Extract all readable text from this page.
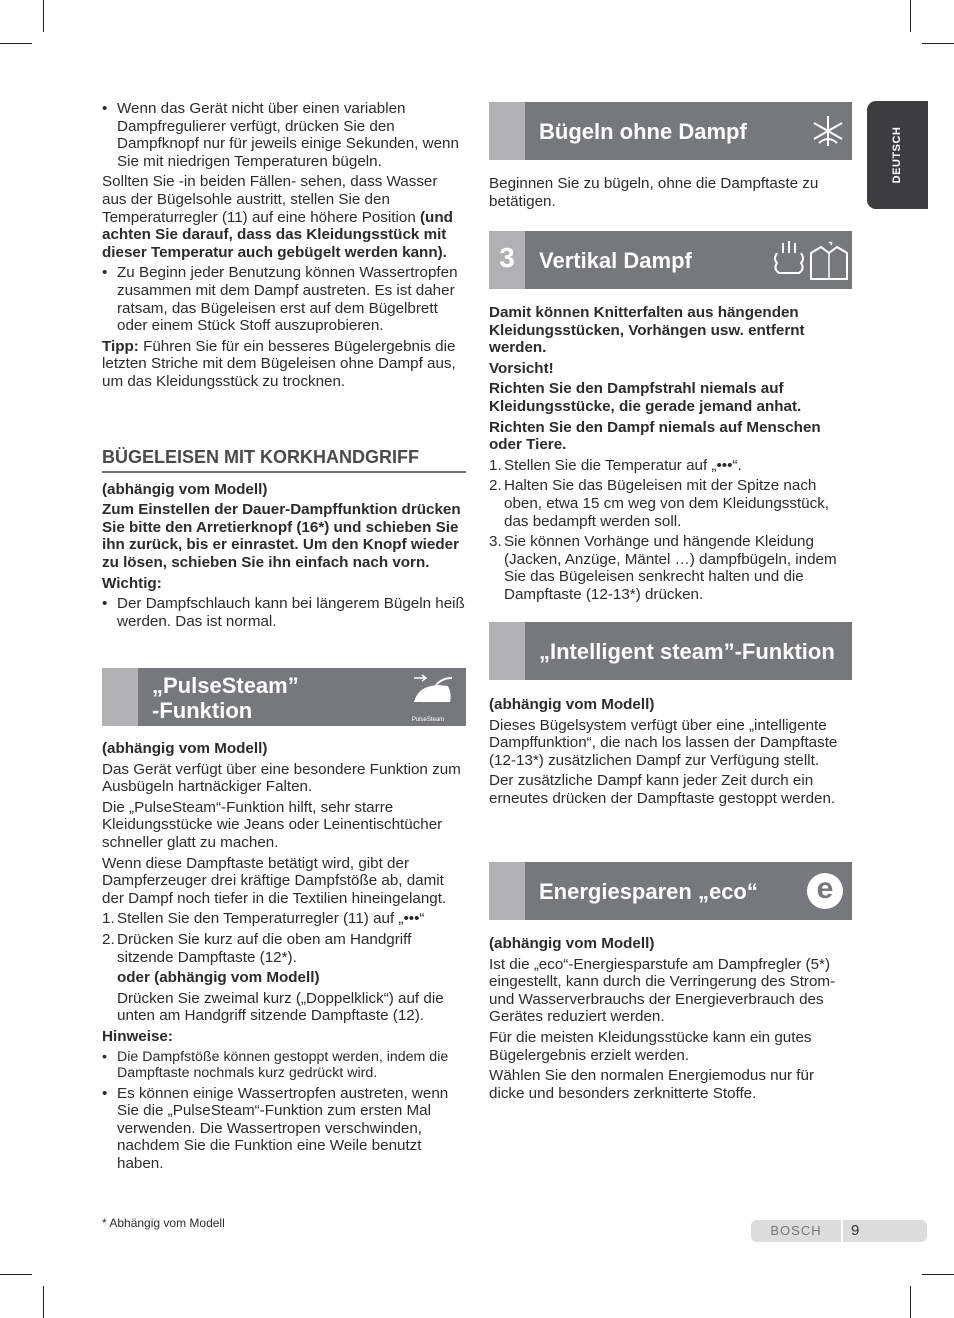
DEUTSCH
• Wenn das Gerät nicht über einen variablen Dampfregulierer verfügt, drücken Sie den Dampfknopf nur für jeweils einige Sekunden, wenn Sie mit niedrigen Temperaturen bügeln.

Sollten Sie -in beiden Fällen- sehen, dass Wasser aus der Bügelsohle austritt, stellen Sie den Temperaturregler (11) auf eine höhere Position (und achten Sie darauf, dass das Kleidungsstück mit dieser Temperatur auch gebügelt werden kann).

• Zu Beginn jeder Benutzung können Wassertropfen zusammen mit dem Dampf austreten. Es ist daher ratsam, das Bügeleisen erst auf dem Bügelbrett oder einem Stück Stoff auszuprobieren.

Tipp: Führen Sie für ein besseres Bügelergebnis die letzten Striche mit dem Bügeleisen ohne Dampf aus, um das Kleidungsstück zu trocknen.

BÜGELEISEN MIT KORKHANDGRIFF

(abhängig vom Modell)

Zum Einstellen der Dauer-Dampffunktion drücken Sie bitte den Arretierknopf (16*) und schieben Sie ihn zurück, bis er einrastet. Um den Knopf wieder zu lösen, schieben Sie ihn einfach nach vorn.

Wichtig:

• Der Dampfschlauch kann bei längerem Bügeln heiß werden. Das ist normal.
„PulseSteam”
-Funktion	PulseSteam

(abhängig vom Modell)

Das Gerät verfügt über eine besondere Funktion zum Ausbügeln hartnäckiger Falten.

Die „PulseSteam“-Funktion hilft, sehr starre Kleidungsstücke wie Jeans oder Leinentischtücher schneller glatt zu machen.

Wenn diese Dampftaste betätigt wird, gibt der Dampferzeuger drei kräftige Dampfstöße ab, damit der Dampf noch tiefer in die Textilien hineingelangt.

1. Stellen Sie den Temperaturregler (11) auf „•••“
2. Drücken Sie kurz auf die oben am Handgriff sitzende Dampftaste (12*).

oder (abhängig vom Modell)

Drücken Sie zweimal kurz („Doppelklick“) auf die unten am Handgriff sitzende Dampftaste (12).

Hinweise:

• Die Dampfstöße können gestoppt werden, indem die Dampftaste nochmals kurz gedrückt wird.
• Es können einige Wassertropfen austreten, wenn Sie die „PulseSteam“-Funktion zum ersten Mal verwenden. Die Wassertropen verschwinden, nachdem Sie die Funktion eine Weile benutzt haben.
* Abhängig vom Modell
Bügeln ohne Dampf

Beginnen Sie zu bügeln, ohne die Dampftaste zu betätigen.

3	Vertikal Dampf

Damit können Knitterfalten aus hängenden Kleidungsstücken, Vorhängen usw. entfernt werden.

Vorsicht!

Richten Sie den Dampfstrahl niemals auf Kleidungsstücke, die gerade jemand anhat.

Richten Sie den Dampf niemals auf Menschen oder Tiere.

1. Stellen Sie die Temperatur auf „•••“.
2. Halten Sie das Bügeleisen mit der Spitze nach oben, etwa 15 cm weg von dem Kleidungsstück, das bedampft werden soll.
3. Sie können Vorhänge und hängende Kleidung (Jacken, Anzüge, Mäntel …) dampfbügeln, indem Sie das Bügeleisen senkrecht halten und die Dampftaste (12-13*) drücken.
„Intelligent steam”-Funktion

(abhängig vom Modell)

Dieses Bügelsystem verfügt über eine „intelligente Dampffunktion“, die nach los lassen der Dampftaste (12-13*) zusätzlichen Dampf zur Verfügung stellt.

Der zusätzliche Dampf kann jeder Zeit durch ein erneutes drücken der Dampftaste gestoppt werden.

Energiesparen „eco“	e

(abhängig vom Modell)

Ist die „eco“-Energiesparstufe am Dampfregler (5*) eingestellt, kann durch die Verringerung des Strom- und Wasserverbrauchs der Energieverbrauch des Gerätes reduziert werden.

Für die meisten Kleidungsstücke kann ein gutes Bügelergebnis erzielt werden.

Wählen Sie den normalen Energiemodus nur für dicke und besonders zerknitterte Stoffe.

BOSCH	9
